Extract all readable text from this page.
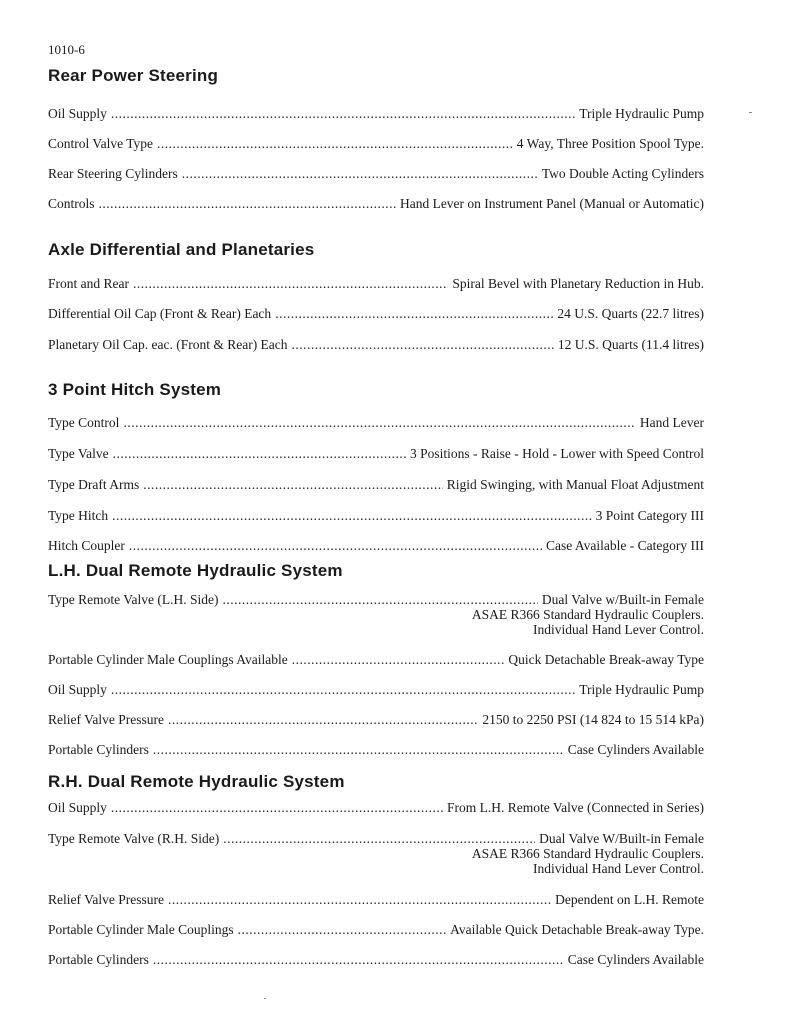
1010-6
Rear Power Steering
Oil Supply .....	Triple Hydraulic Pump
Control Valve Type .....	4 Way, Three Position Spool Type.
Rear Steering Cylinders .....	Two Double Acting Cylinders
Controls .....	Hand Lever on Instrument Panel (Manual or Automatic)
Axle Differential and Planetaries
Front and Rear .....	Spiral Bevel with Planetary Reduction in Hub.
Differential Oil Cap (Front & Rear) Each .....	24 U.S. Quarts (22.7 litres)
Planetary Oil Cap. eac. (Front & Rear) Each .....	12 U.S. Quarts (11.4 litres)
3 Point Hitch System
Type Control .....	Hand Lever
Type Valve .....	3 Positions - Raise - Hold - Lower with Speed Control
Type Draft Arms .....	Rigid Swinging, with Manual Float Adjustment
Type Hitch .....	3 Point Category III
Hitch Coupler .....	Case Available - Category III
L.H. Dual Remote Hydraulic System
Type Remote Valve (L.H. Side) .....	Dual Valve w/Built-in Female
ASAE R366 Standard Hydraulic Couplers.
Individual Hand Lever Control.
Portable Cylinder Male Couplings Available .....	Quick Detachable Break-away Type
Oil Supply .....	Triple Hydraulic Pump
Relief Valve Pressure .....	2150 to 2250 PSI (14 824 to 15 514 kPa)
Portable Cylinders .....	Case Cylinders Available
R.H. Dual Remote Hydraulic System
Oil Supply .....	From L.H. Remote Valve (Connected in Series)
Type Remote Valve (R.H. Side) .....	Dual Valve W/Built-in Female
ASAE R366 Standard Hydraulic Couplers.
Individual Hand Lever Control.
Relief Valve Pressure .....	Dependent on L.H. Remote
Portable Cylinder Male Couplings .....	Available Quick Detachable Break-away Type.
Portable Cylinders .....	Case Cylinders Available
